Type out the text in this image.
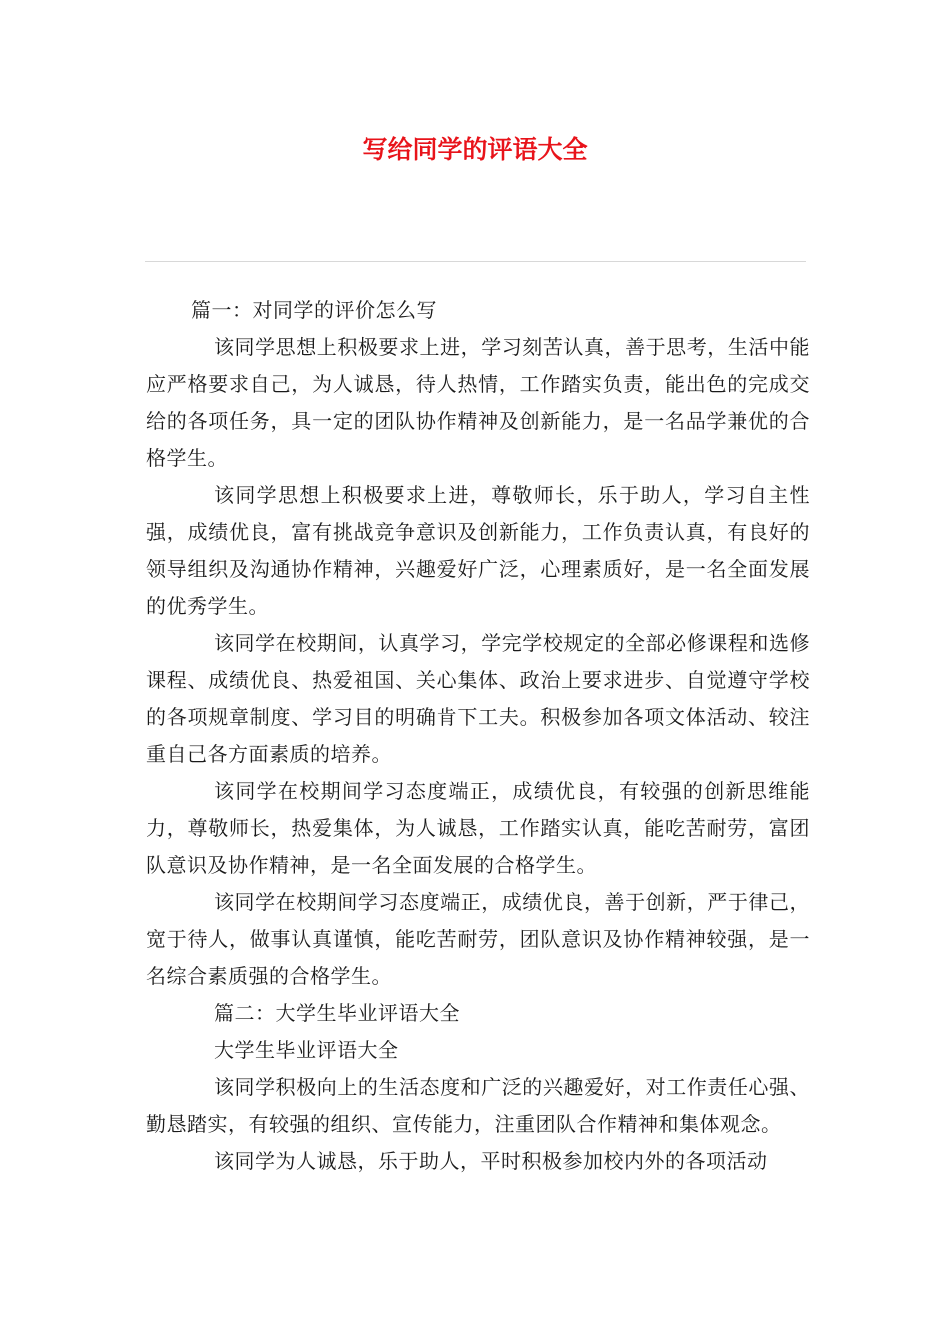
写给同学的评语大全

篇一：对同学的评价怎么写

该同学思想上积极要求上进，学习刻苦认真，善于思考，生活中能应严格要求自己，为人诚恳，待人热情，工作踏实负责，能出色的完成交给的各项任务，具一定的团队协作精神及创新能力，是一名品学兼优的合格学生。

该同学思想上积极要求上进，尊敬师长，乐于助人，学习自主性强，成绩优良，富有挑战竞争意识及创新能力，工作负责认真，有良好的领导组织及沟通协作精神，兴趣爱好广泛，心理素质好，是一名全面发展的优秀学生。

该同学在校期间，认真学习，学完学校规定的全部必修课程和选修课程、成绩优良、热爱祖国、关心集体、政治上要求进步、自觉遵守学校的各项规章制度、学习目的明确肯下工夫。积极参加各项文体活动、较注重自己各方面素质的培养。

该同学在校期间学习态度端正，成绩优良，有较强的创新思维能力，尊敬师长，热爱集体，为人诚恳，工作踏实认真，能吃苦耐劳，富团队意识及协作精神，是一名全面发展的合格学生。

该同学在校期间学习态度端正，成绩优良，善于创新，严于律己，宽于待人，做事认真谨慎，能吃苦耐劳，团队意识及协作精神较强，是一名综合素质强的合格学生。

篇二：大学生毕业评语大全

大学生毕业评语大全

该同学积极向上的生活态度和广泛的兴趣爱好，对工作责任心强、 勤恳踏实，有较强的组织、宣传能力，注重团队合作精神和集体观念。

该同学为人诚恳，乐于助人，平时积极参加校内外的各项活动
